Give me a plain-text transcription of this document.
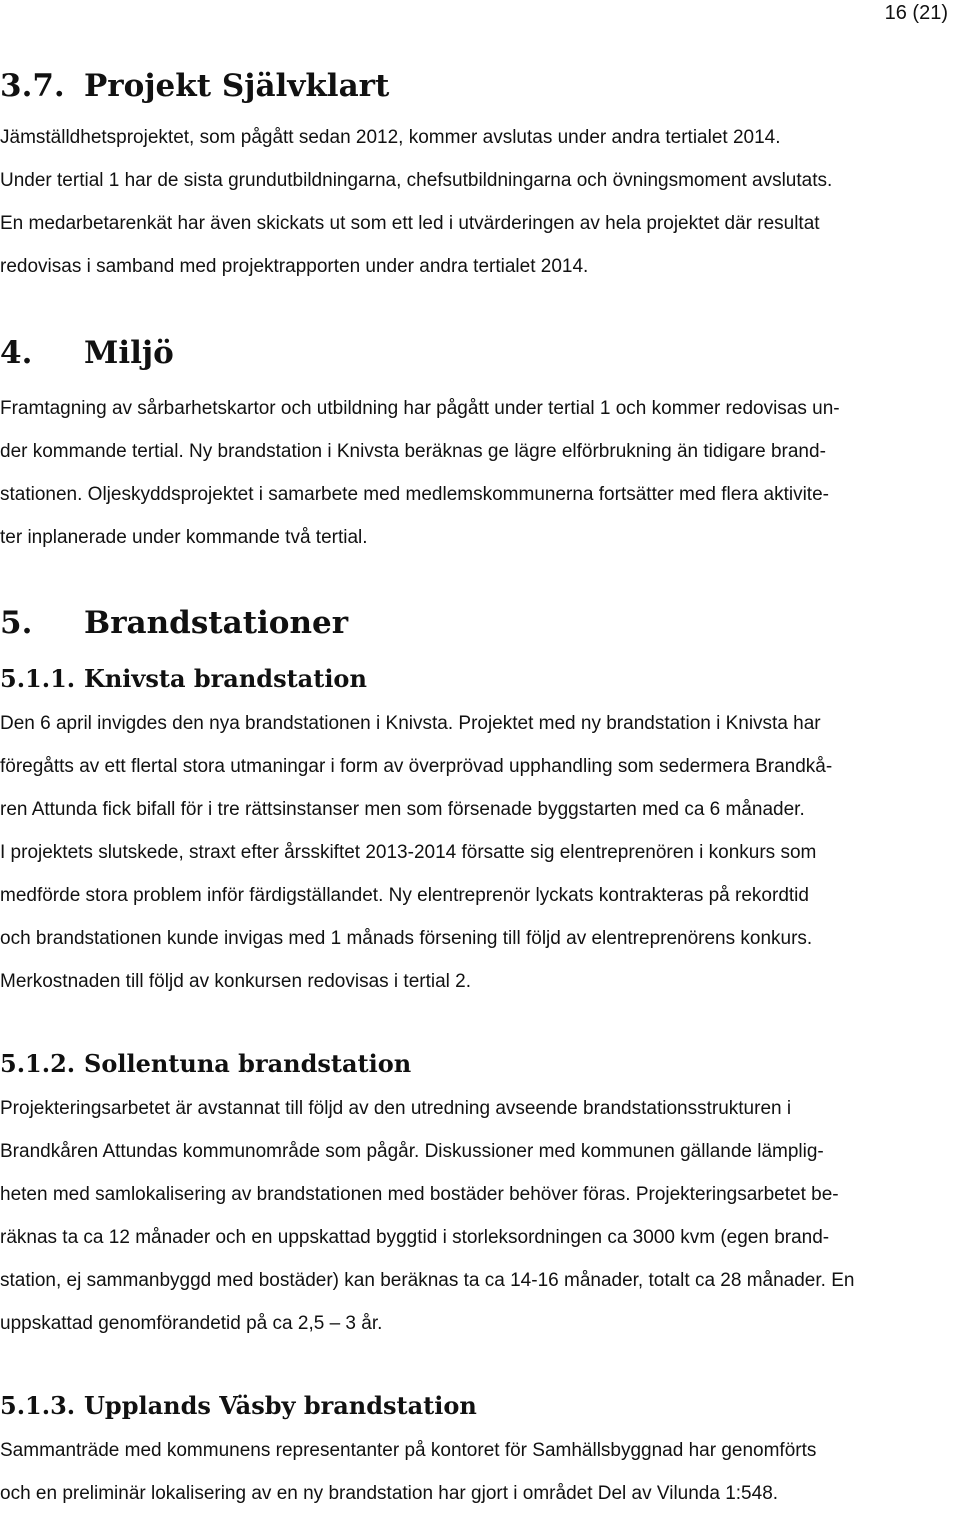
16 (21)
3.7. Projekt Självklart
Jämställdhetsprojektet, som pågått sedan 2012, kommer avslutas under andra tertialet 2014.
Under tertial 1 har de sista grundutbildningarna, chefsutbildningarna och övningsmoment avslutats.
En medarbetarenkät har även skickats ut som ett led i utvärderingen av hela projektet där resultat
redovisas i samband med projektrapporten under andra tertialet 2014.
4. Miljö
Framtagning av sårbarhetskartor och utbildning har pågått under tertial 1 och kommer redovisas un-
der kommande tertial. Ny brandstation i Knivsta beräknas ge lägre elförbrukning än tidigare brand-
stationen. Oljeskyddsprojektet i samarbete med medlemskommunerna fortsätter med flera aktivite-
ter inplanerade under kommande två tertial.
5. Brandstationer
5.1.1. Knivsta brandstation
Den 6 april invigdes den nya brandstationen i Knivsta. Projektet med ny brandstation i Knivsta har
föregåtts av ett flertal stora utmaningar i form av överprövad upphandling som sedermera Brandkå-
ren Attunda fick bifall för i tre rättsinstanser men som försenade byggstarten med ca 6 månader.
I projektets slutskede, straxt efter årsskiftet 2013-2014 försatte sig elentreprenören i konkurs som
medförde stora problem inför färdigställandet. Ny elentreprenör lyckats kontrakteras på rekordtid
och brandstationen kunde invigas med 1 månads försening till följd av elentreprenörens konkurs.
Merkostnaden till följd av konkursen redovisas i tertial 2.
5.1.2. Sollentuna brandstation
Projekteringsarbetet är avstannat till följd av den utredning avseende brandstationsstrukturen i
Brandkåren Attundas kommunområde som pågår. Diskussioner med kommunen gällande lämplig-
heten med samlokalisering av brandstationen med bostäder behöver föras. Projekteringsarbetet be-
räknas ta ca 12 månader och en uppskattad byggtid i storleksordningen ca 3000 kvm (egen brand-
station, ej sammanbyggd med bostäder) kan beräknas ta ca 14-16 månader, totalt ca 28 månader. En
uppskattad genomförandetid på ca 2,5 – 3 år.
5.1.3. Upplands Väsby brandstation
Sammanträde med kommunens representanter på kontoret för Samhällsbyggnad har genomförts
och en preliminär lokalisering av en ny brandstation har gjort i området Del av Vilunda 1:548.
